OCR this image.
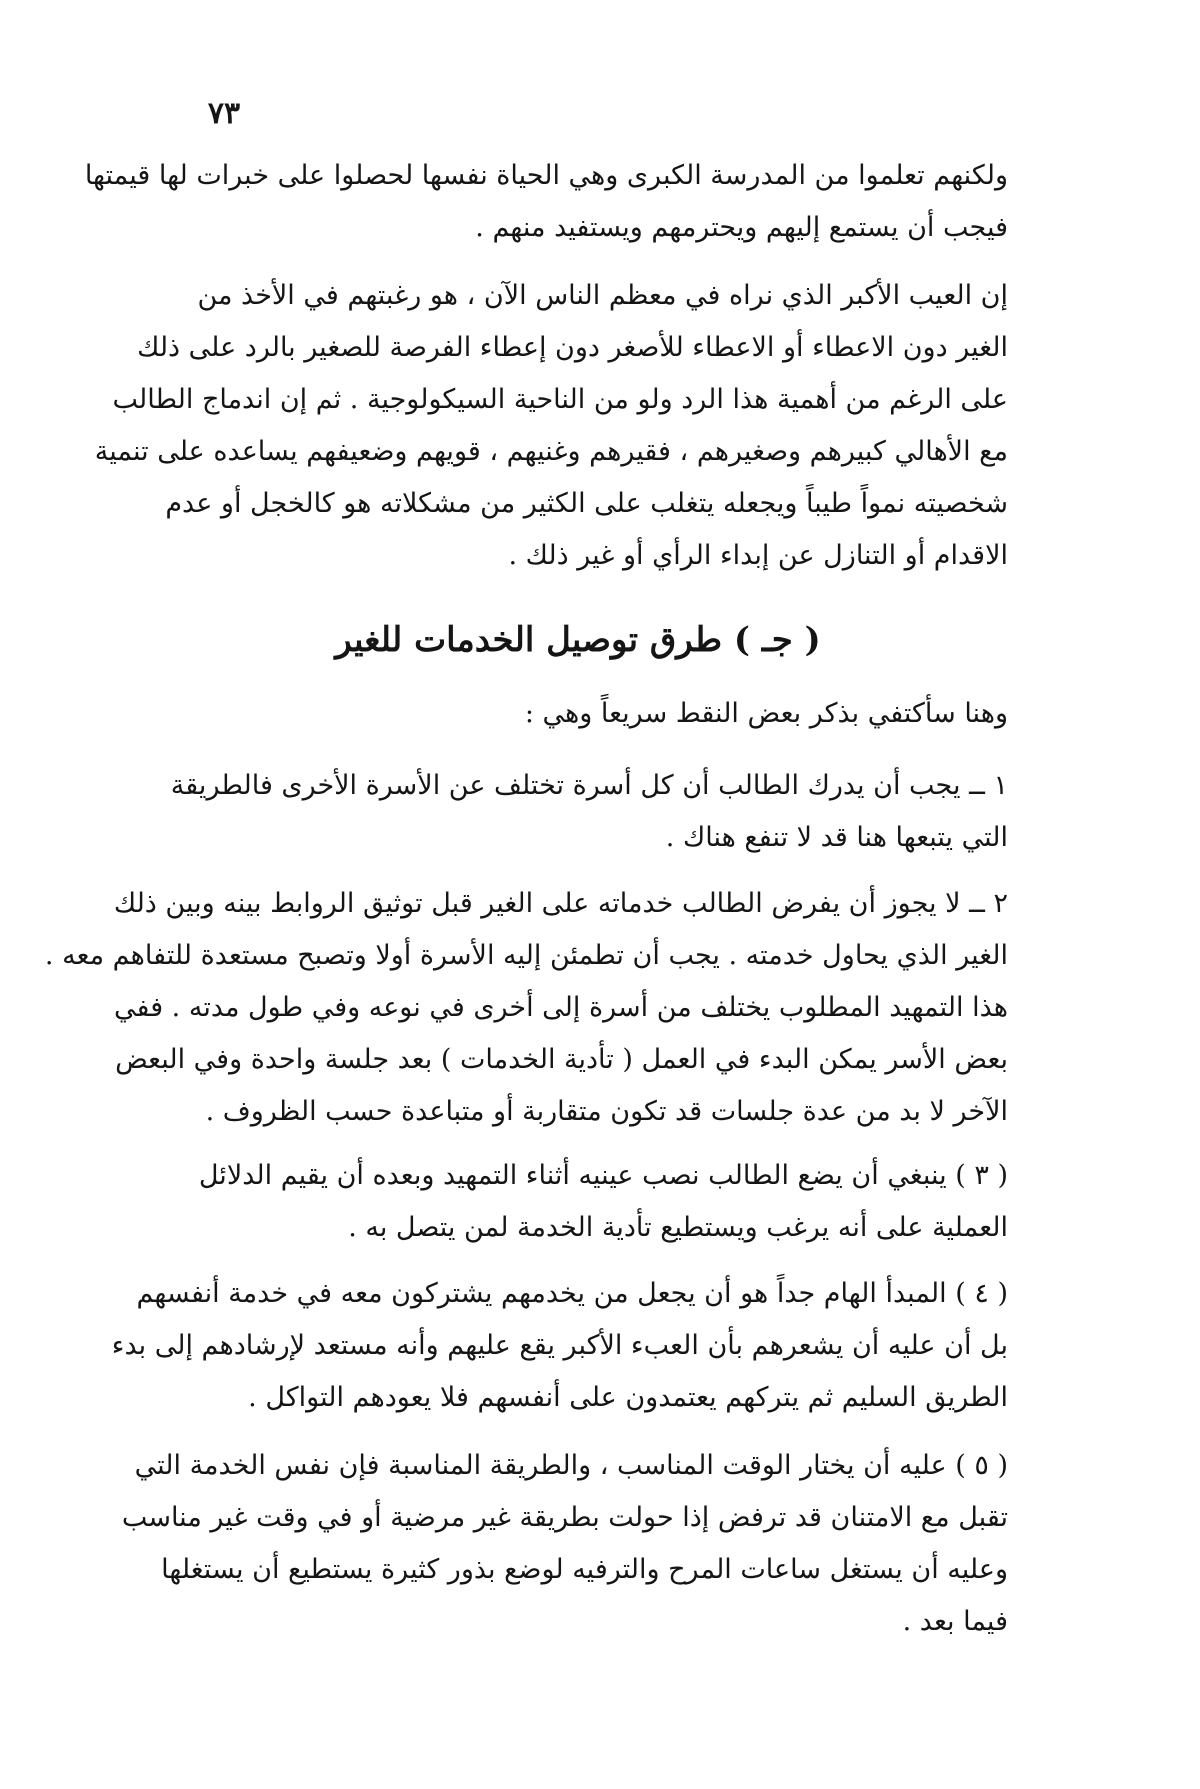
٧٣
ولكنهم تعلموا من المدرسة الكبرى وهي الحياة نفسها لحصلوا على خبرات لها قيمتها
فيجب أن يستمع إليهم ويحترمهم ويستفيد منهم .
إن العيب الأكبر الذي نراه في معظم الناس الآن ، هو رغبتهم في الأخذ من
الغير دون الاعطاء أو الاعطاء للأصغر دون إعطاء الفرصة للصغير بالرد على ذلك
على الرغم من أهمية هذا الرد ولو من الناحية السيكولوجية . ثم إن اندماج الطالب
مع الأهالي كبيرهم وصغيرهم ، فقيرهم وغنيهم ، قويهم وضعيفهم يساعده على تنمية
شخصيته نمواً طيباً ويجعله يتغلب على الكثير من مشكلاته هو كالخجل أو عدم
الاقدام أو التنازل عن إبداء الرأي أو غير ذلك .
( جـ ) طرق توصيل الخدمات للغير
وهنا سأكتفي بذكر بعض النقط سريعاً وهي :
١ ــ يجب أن يدرك الطالب أن كل أسرة تختلف عن الأسرة الأخرى فالطريقة
التي يتبعها هنا قد لا تنفع هناك .
٢ ــ لا يجوز أن يفرض الطالب خدماته على الغير قبل توثيق الروابط بينه وبين ذلك
الغير الذي يحاول خدمته . يجب أن تطمئن إليه الأسرة أولا وتصبح مستعدة للتفاهم معه .
هذا التمهيد المطلوب يختلف من أسرة إلى أخرى في نوعه وفي طول مدته . ففي
بعض الأسر يمكن البدء في العمل ( تأدية الخدمات ) بعد جلسة واحدة وفي البعض
الآخر لا بد من عدة جلسات قد تكون متقاربة أو متباعدة حسب الظروف .
( ٣ ) ينبغي أن يضع الطالب نصب عينيه أثناء التمهيد وبعده أن يقيم الدلائل
العملية على أنه يرغب ويستطيع تأدية الخدمة لمن يتصل به .
( ٤ ) المبدأ الهام جداً هو أن يجعل من يخدمهم يشتركون معه في خدمة أنفسهم
بل أن عليه أن يشعرهم بأن العبء الأكبر يقع عليهم وأنه مستعد لإرشادهم إلى بدء
الطريق السليم ثم يتركهم يعتمدون على أنفسهم فلا يعودهم التواكل .
( ٥ ) عليه أن يختار الوقت المناسب ، والطريقة المناسبة فإن نفس الخدمة التي
تقبل مع الامتنان قد ترفض إذا حولت بطريقة غير مرضية أو في وقت غير مناسب
وعليه أن يستغل ساعات المرح والترفيه لوضع بذور كثيرة يستطيع أن يستغلها
فيما بعد .
